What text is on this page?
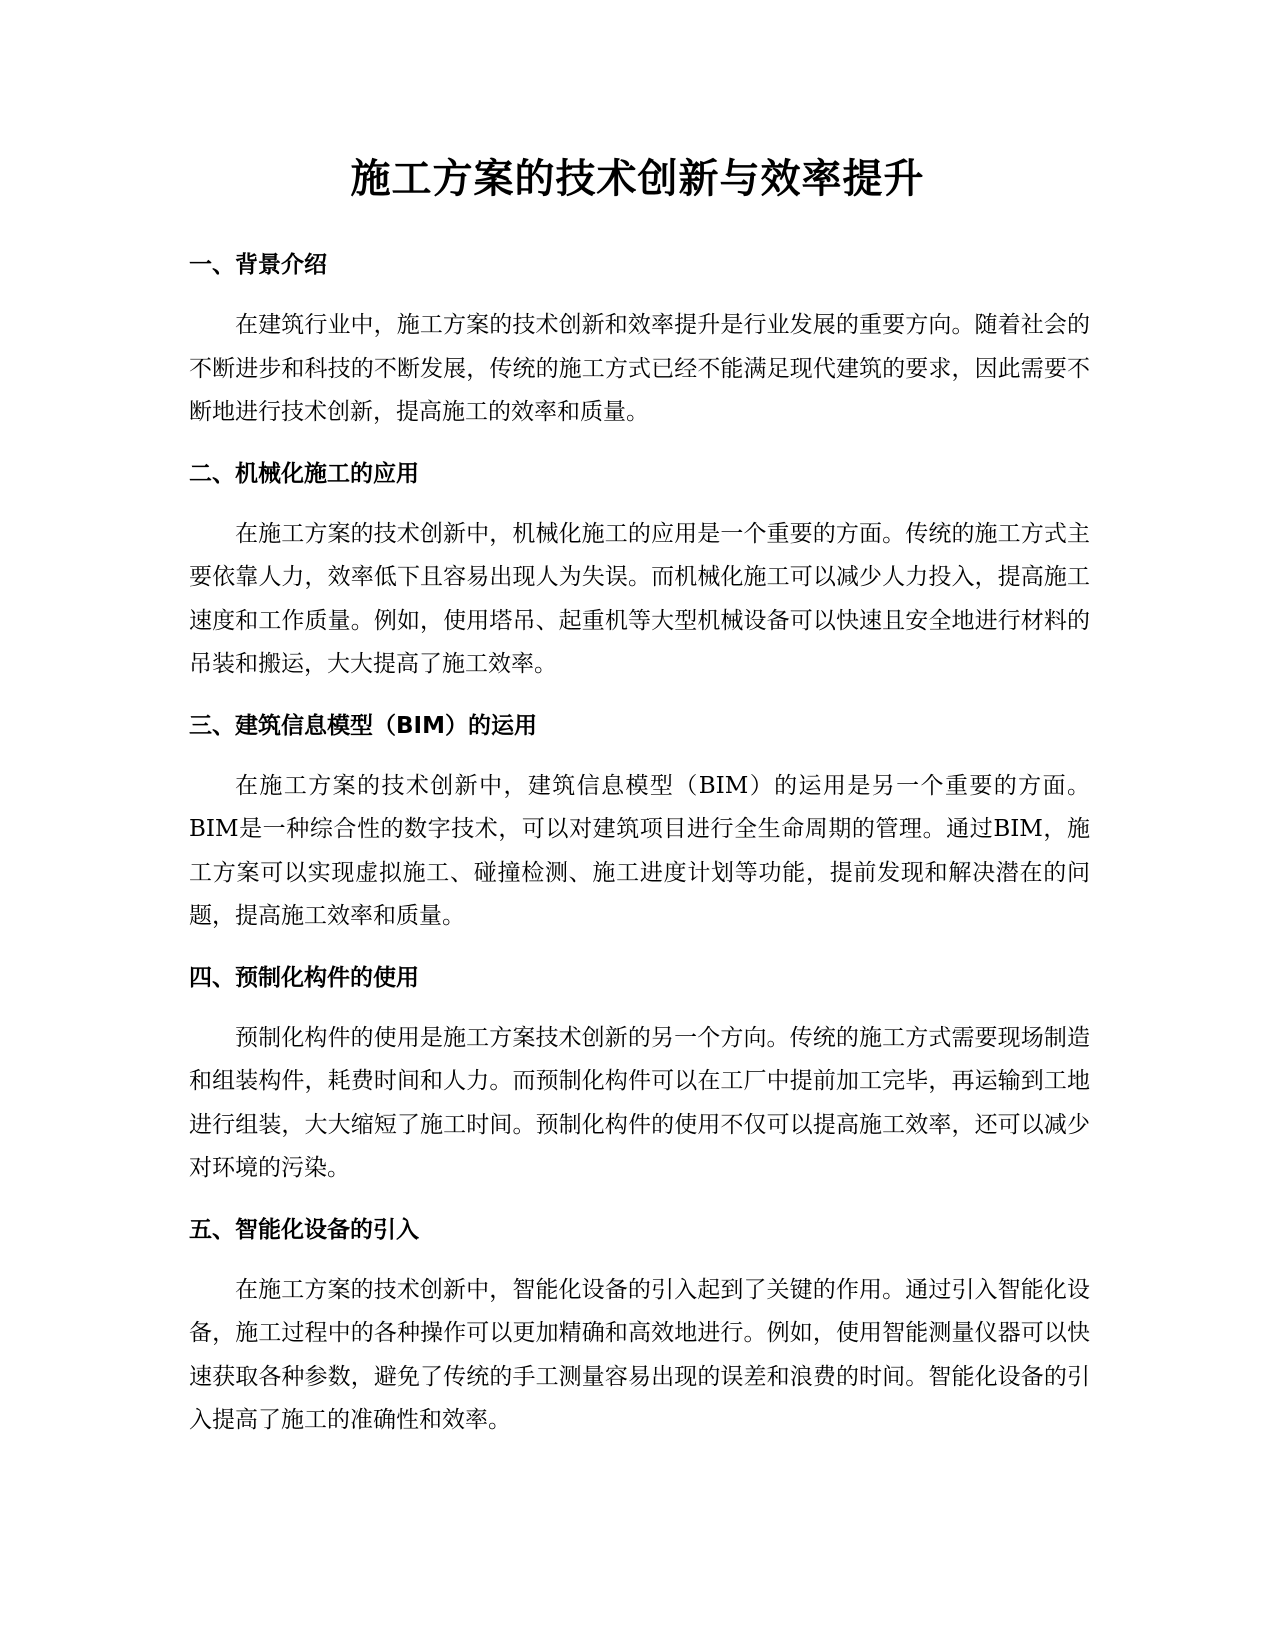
施工方案的技术创新与效率提升
一、背景介绍

在建筑行业中，施工方案的技术创新和效率提升是行业发展的重要方向。随着社会的不断进步和科技的不断发展，传统的施工方式已经不能满足现代建筑的要求，因此需要不断地进行技术创新，提高施工的效率和质量。

二、机械化施工的应用

在施工方案的技术创新中，机械化施工的应用是一个重要的方面。传统的施工方式主要依靠人力，效率低下且容易出现人为失误。而机械化施工可以减少人力投入，提高施工速度和工作质量。例如，使用塔吊、起重机等大型机械设备可以快速且安全地进行材料的吊装和搬运，大大提高了施工效率。

三、建筑信息模型（BIM）的运用

在施工方案的技术创新中，建筑信息模型（BIM）的运用是另一个重要的方面。BIM是一种综合性的数字技术，可以对建筑项目进行全生命周期的管理。通过BIM，施工方案可以实现虚拟施工、碰撞检测、施工进度计划等功能，提前发现和解决潜在的问题，提高施工效率和质量。

四、预制化构件的使用

预制化构件的使用是施工方案技术创新的另一个方向。传统的施工方式需要现场制造和组装构件，耗费时间和人力。而预制化构件可以在工厂中提前加工完毕，再运输到工地进行组装，大大缩短了施工时间。预制化构件的使用不仅可以提高施工效率，还可以减少对环境的污染。

五、智能化设备的引入

在施工方案的技术创新中，智能化设备的引入起到了关键的作用。通过引入智能化设备，施工过程中的各种操作可以更加精确和高效地进行。例如，使用智能测量仪器可以快速获取各种参数，避免了传统的手工测量容易出现的误差和浪费的时间。智能化设备的引入提高了施工的准确性和效率。
